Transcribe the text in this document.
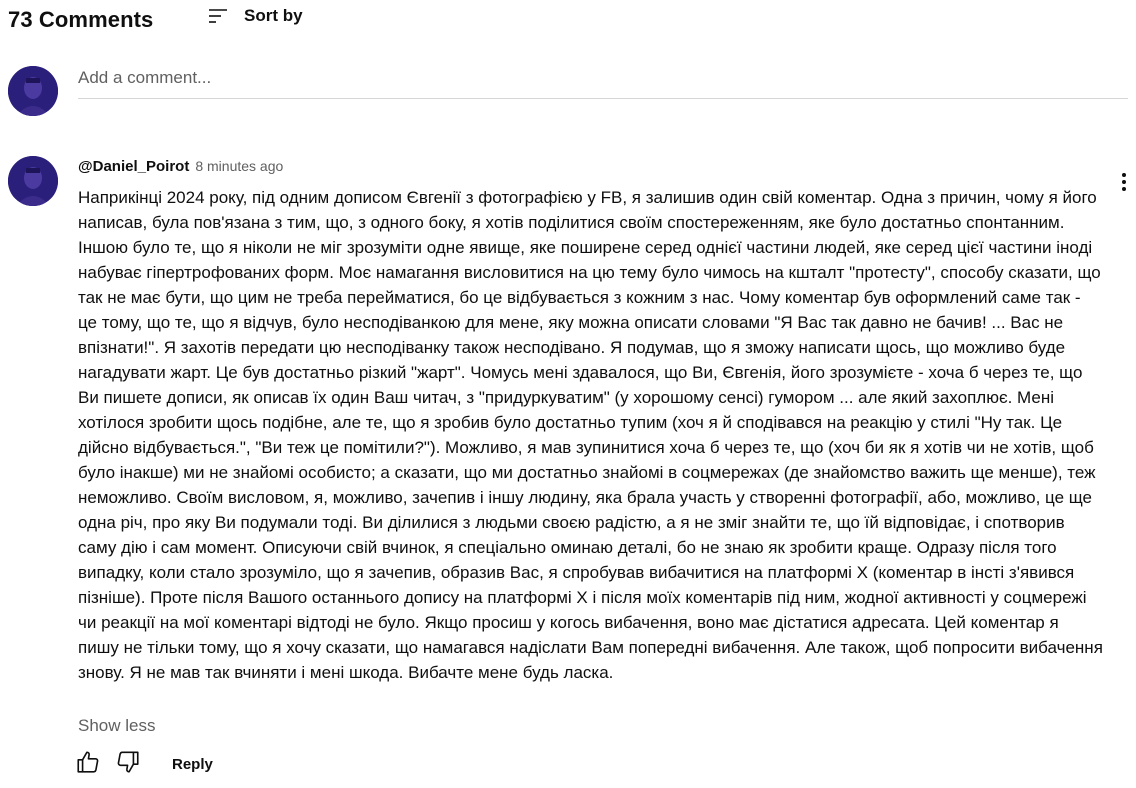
73 Comments	Sort by
Add a comment...
@Daniel_Poirot 8 minutes ago

Наприкінці 2024 року, під одним дописом Євгенії з фотографією у FB, я залишив один свій коментар. Одна з причин, чому я його написав, була пов'язана з тим, що, з одного боку, я хотів поділитися своїм спостереженням, яке було достатньо спонтанним. Іншою було те, що я ніколи не міг зрозуміти одне явище, яке поширене серед однієї частини людей, яке серед цієї частини іноді набуває гіпертрофованих форм. Моє намагання висловитися на цю тему було чимось на кшталт "протесту", способу сказати, що так не має бути, що цим не треба перейматися, бо це відбувається з кожним з нас. Чому коментар був оформлений саме так - це тому, що те, що я відчув, було несподіванкою для мене, яку можна описати словами "Я Вас так давно не бачив! ... Вас не впізнати!". Я захотів передати цю несподіванку також несподівано. Я подумав, що я зможу написати щось, що можливо буде нагадувати жарт. Це був достатньо різкий "жарт". Чомусь мені здавалося, що Ви, Євгенія, його зрозумієте - хоча б через те, що Ви пишете дописи, як описав їх один Ваш читач, з "придуркуватим" (у хорошому сенсі) гумором ... але який захоплює. Мені хотілося зробити щось подібне, але те, що я зробив було достатньо тупим (хоч я й сподівався на реакцію у стилі "Ну так. Це дійсно відбувається.", "Ви теж це помітили?"). Можливо, я мав зупинитися хоча б через те, що (хоч би як я хотів чи не хотів, щоб було інакше) ми не знайомі особисто; а сказати, що ми достатньо знайомі в соцмережах (де знайомство важить ще менше), теж неможливо. Своїм висловом, я, можливо, зачепив і іншу людину, яка брала участь у створенні фотографії, або, можливо, це ще одна річ, про яку Ви подумали тоді. Ви ділилися з людьми своєю радістю, а я не зміг знайти те, що їй відповідає, і спотворив саму дію і сам момент. Описуючи свій вчинок, я спеціально оминаю деталі, бо не знаю як зробити краще. Одразу після того випадку, коли стало зрозуміло, що я зачепив, образив Вас, я спробував вибачитися на платформі X (коментар в інсті з'явився пізніше). Проте після Вашого останнього допису на платформі X і після моїх коментарів під ним, жодної активності у соцмережі чи реакції на мої коментарі відтоді не було. Якщо просиш у когось вибачення, воно має дістатися адресата. Цей коментар я пишу не тільки тому, що я хочу сказати, що намагався надіслати Вам попередні вибачення. Але також, щоб попросити вибачення знову. Я не мав так вчиняти і мені шкода. Вибачте мене будь ласка.

Show less
Reply
